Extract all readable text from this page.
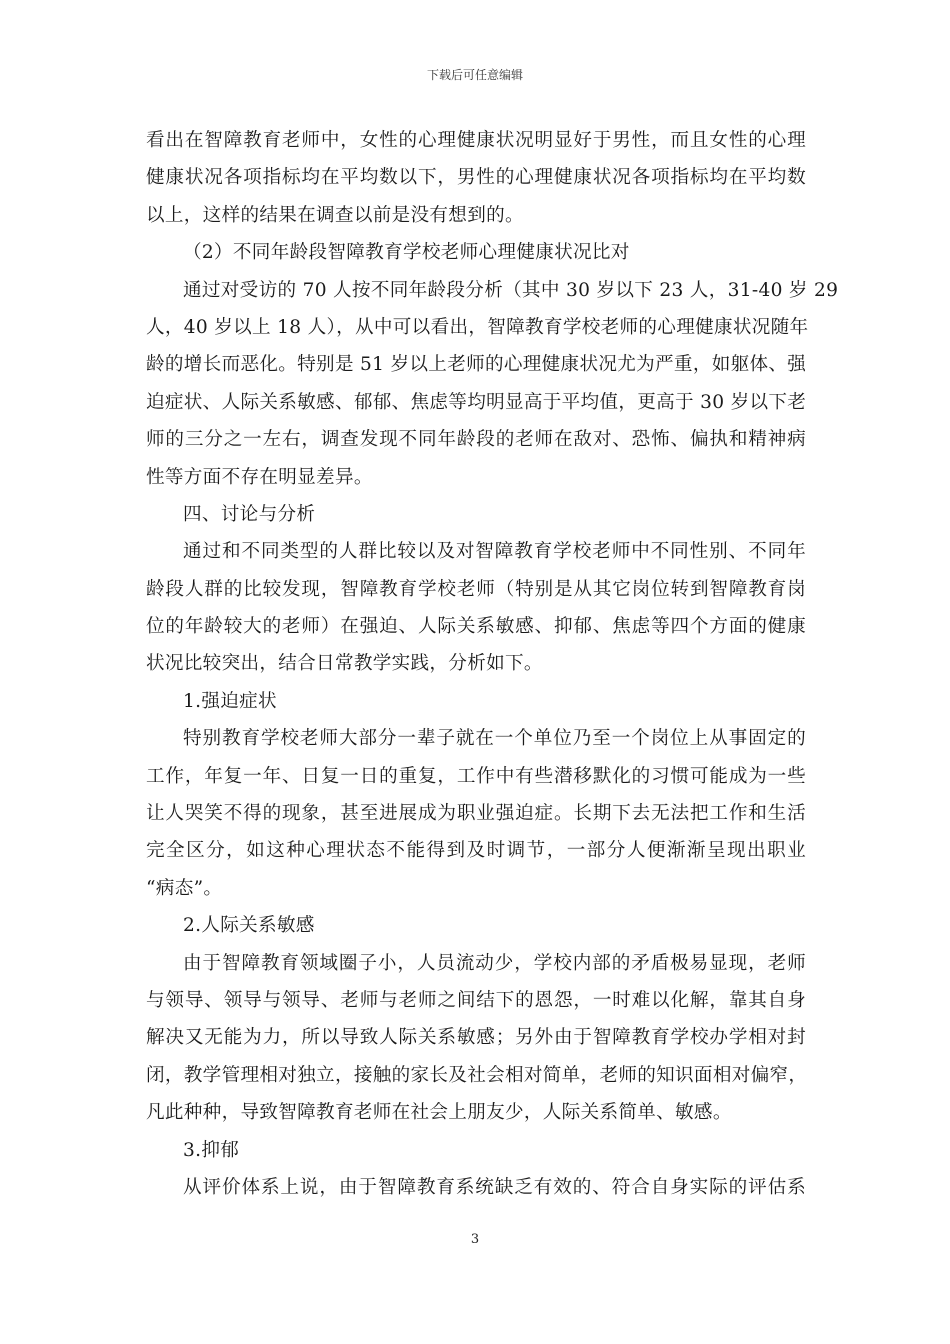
下载后可任意编辑
看出在智障教育老师中，女性的心理健康状况明显好于男性，而且女性的心理
健康状况各项指标均在平均数以下，男性的心理健康状况各项指标均在平均数
以上，这样的结果在调查以前是没有想到的。
（2）不同年龄段智障教育学校老师心理健康状况比对
通过对受访的 70 人按不同年龄段分析（其中 30 岁以下 23 人，31-40 岁 29
人，40 岁以上 18 人），从中可以看出，智障教育学校老师的心理健康状况随年
龄的增长而恶化。特别是 51 岁以上老师的心理健康状况尤为严重，如躯体、强
迫症状、人际关系敏感、郁郁、焦虑等均明显高于平均值，更高于 30 岁以下老
师的三分之一左右，调查发现不同年龄段的老师在敌对、恐怖、偏执和精神病
性等方面不存在明显差异。
四、讨论与分析
通过和不同类型的人群比较以及对智障教育学校老师中不同性别、不同年
龄段人群的比较发现，智障教育学校老师（特别是从其它岗位转到智障教育岗
位的年龄较大的老师）在强迫、人际关系敏感、抑郁、焦虑等四个方面的健康
状况比较突出，结合日常教学实践，分析如下。
1.强迫症状
特别教育学校老师大部分一辈子就在一个单位乃至一个岗位上从事固定的
工作，年复一年、日复一日的重复，工作中有些潜移默化的习惯可能成为一些
让人哭笑不得的现象，甚至进展成为职业强迫症。长期下去无法把工作和生活
完全区分，如这种心理状态不能得到及时调节，一部分人便渐渐呈现出职业
“病态”。
2.人际关系敏感
由于智障教育领域圈子小，人员流动少，学校内部的矛盾极易显现，老师
与领导、领导与领导、老师与老师之间结下的恩怨，一时难以化解，靠其自身
解决又无能为力，所以导致人际关系敏感；另外由于智障教育学校办学相对封
闭，教学管理相对独立，接触的家长及社会相对简单，老师的知识面相对偏窄，
凡此种种，导致智障教育老师在社会上朋友少，人际关系简单、敏感。
3.抑郁
从评价体系上说，由于智障教育系统缺乏有效的、符合自身实际的评估系
3
